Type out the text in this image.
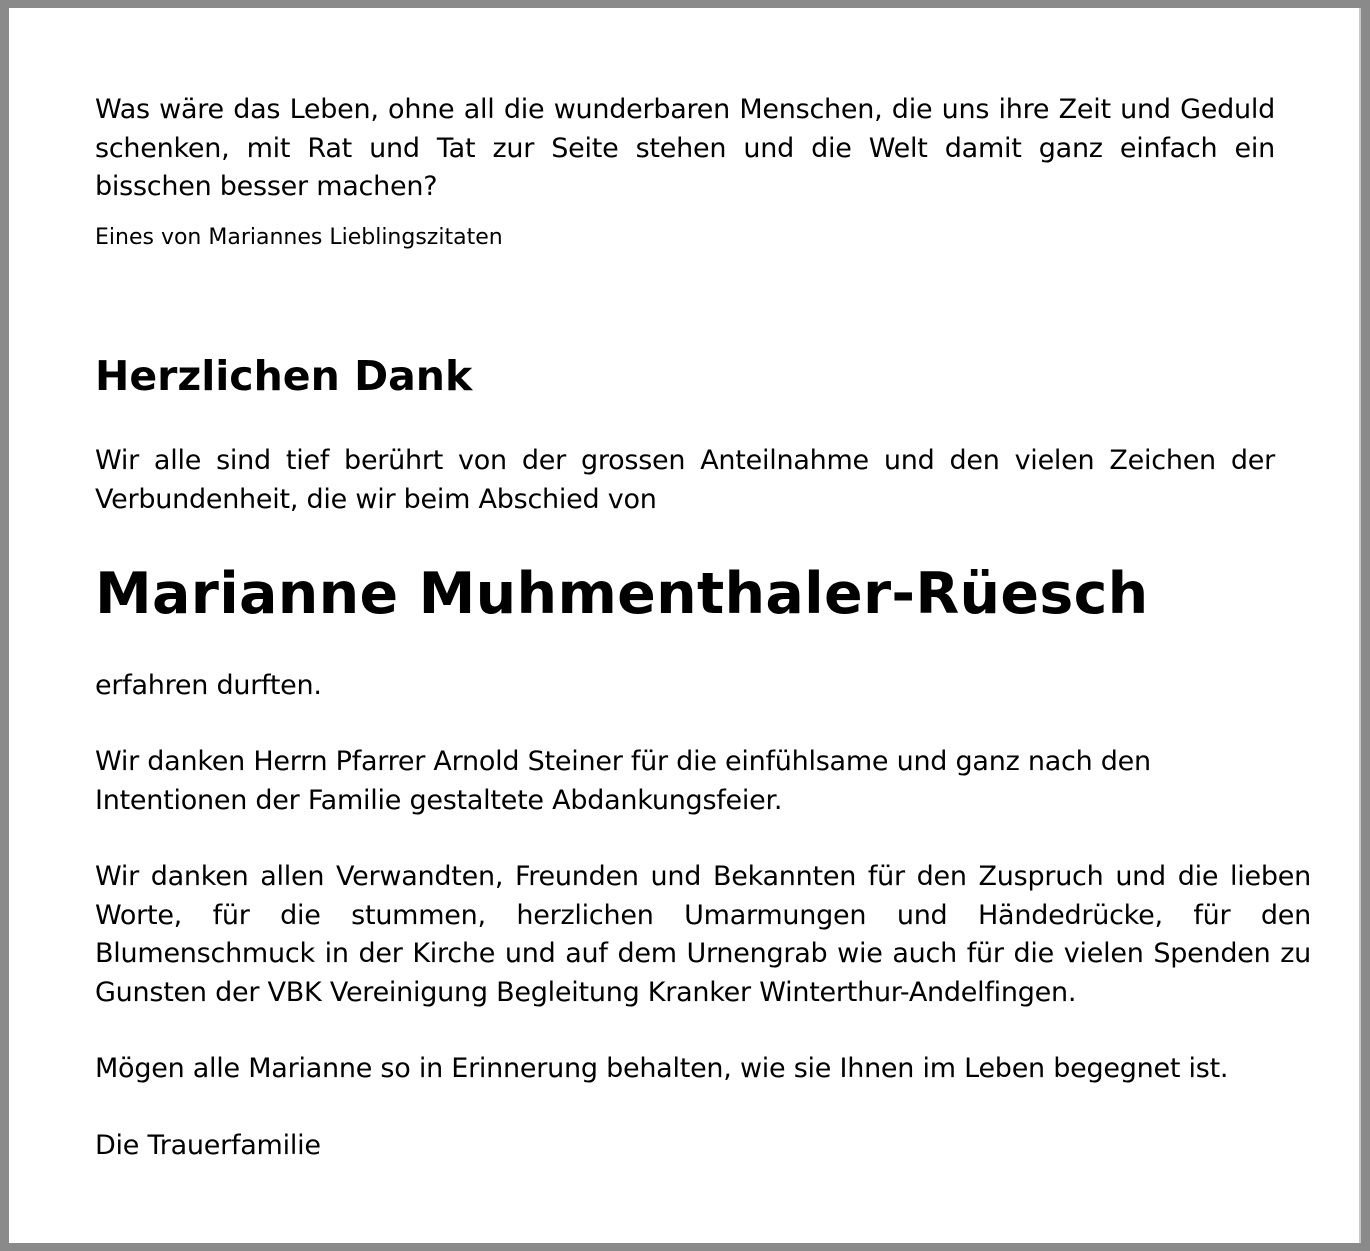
Was wäre das Leben, ohne all die wunderbaren Menschen, die uns ihre Zeit und Geduld schenken, mit Rat und Tat zur Seite stehen und die Welt damit ganz einfach ein bisschen besser machen?

Eines von Mariannes Lieblingszitaten

Herzlichen Dank

Wir alle sind tief berührt von der grossen Anteilnahme und den vielen Zeichen der Verbundenheit, die wir beim Abschied von

Marianne Muhmenthaler-Rüesch

erfahren durften.

Wir danken Herrn Pfarrer Arnold Steiner für die einfühlsame und ganz nach den Intentionen der Familie gestaltete Abdankungsfeier.

Wir danken allen Verwandten, Freunden und Bekannten für den Zuspruch und die lieben Worte, für die stummen, herzlichen Umarmungen und Händedrücke, für den Blumenschmuck in der Kirche und auf dem Urnengrab wie auch für die vielen Spenden zu Gunsten der VBK Vereinigung Begleitung Kranker Winterthur-Andelfingen.

Mögen alle Marianne so in Erinnerung behalten, wie sie Ihnen im Leben begegnet ist.

Die Trauerfamilie
